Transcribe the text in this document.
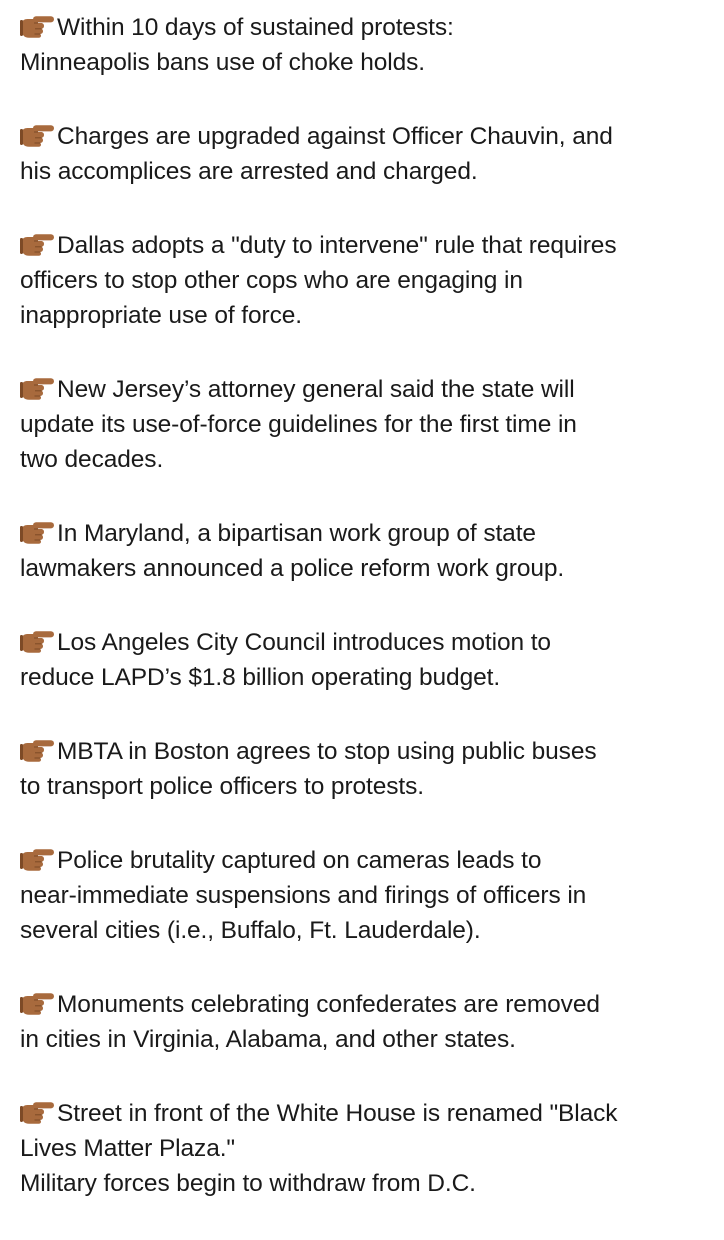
Within 10 days of sustained protests:
Minneapolis bans use of choke holds.
Charges are upgraded against Officer Chauvin, and
his accomplices are arrested and charged.
Dallas adopts a "duty to intervene" rule that requires
officers to stop other cops who are engaging in
inappropriate use of force.
New Jersey’s attorney general said the state will
update its use-of-force guidelines for the first time in
two decades.
In Maryland, a bipartisan work group of state
lawmakers announced a police reform work group.
Los Angeles City Council introduces motion to
reduce LAPD’s $1.8 billion operating budget.
MBTA in Boston agrees to stop using public buses
to transport police officers to protests.
Police brutality captured on cameras leads to
near-immediate suspensions and firings of officers in
several cities (i.e., Buffalo, Ft. Lauderdale).
Monuments celebrating confederates are removed
in cities in Virginia, Alabama, and other states.
Street in front of the White House is renamed "Black
Lives Matter Plaza."
Military forces begin to withdraw from D.C.
